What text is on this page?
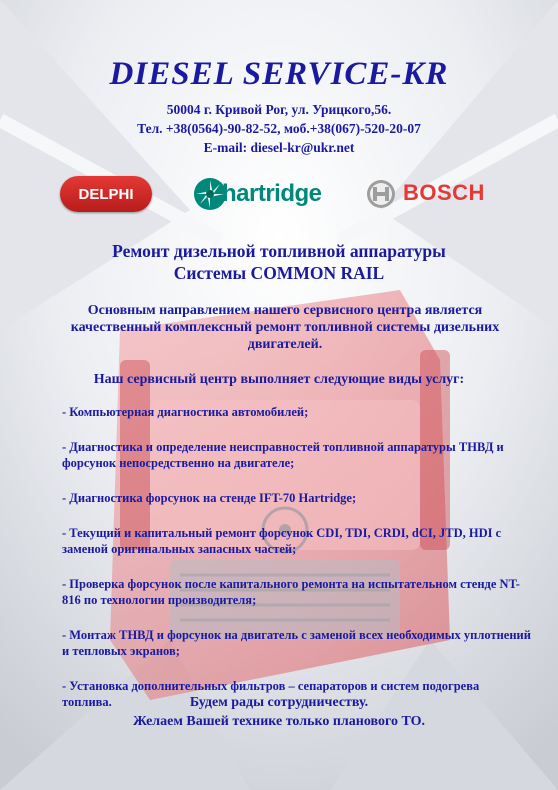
DIESEL SERVICE-KR
50004 г. Кривой Рог, ул. Урицкого,56.
Тел. +38(0564)-90-82-52, моб.+38(067)-520-20-07
E-mail: diesel-kr@ukr.net
DELPHI	hartridge	BOSCH
Ремонт дизельной топливной аппаратуры
Системы COMMON RAIL
Основным направлением нашего сервисного центра является качественный комплексный ремонт топливной системы дизельних двигателей.
Наш сервисный центр выполняет следующие виды услуг:
- Компьютерная диагностика автомобилей;
- Диагностика и определение неисправностей топливной аппаратуры ТНВД и форсунок непосредственно на двигателе;
- Диагностика форсунок на стенде IFT-70 Hartridge;
- Текущий и капитальный ремонт форсунок CDI, TDI, CRDI, dCI, JTD, HDI с заменой оригинальных запасных частей;
- Проверка форсунок после капитального ремонта на испытательном стенде NT-816 по технологии производителя;
- Монтаж ТНВД и форсунок на двигатель с заменой всех необходимых уплотнений и тепловых экранов;
- Установка дополнительных фильтров – сепараторов и систем подогрева топлива.	Будем рады сотрудничеству.
Желаем Вашей технике только планового ТО.
